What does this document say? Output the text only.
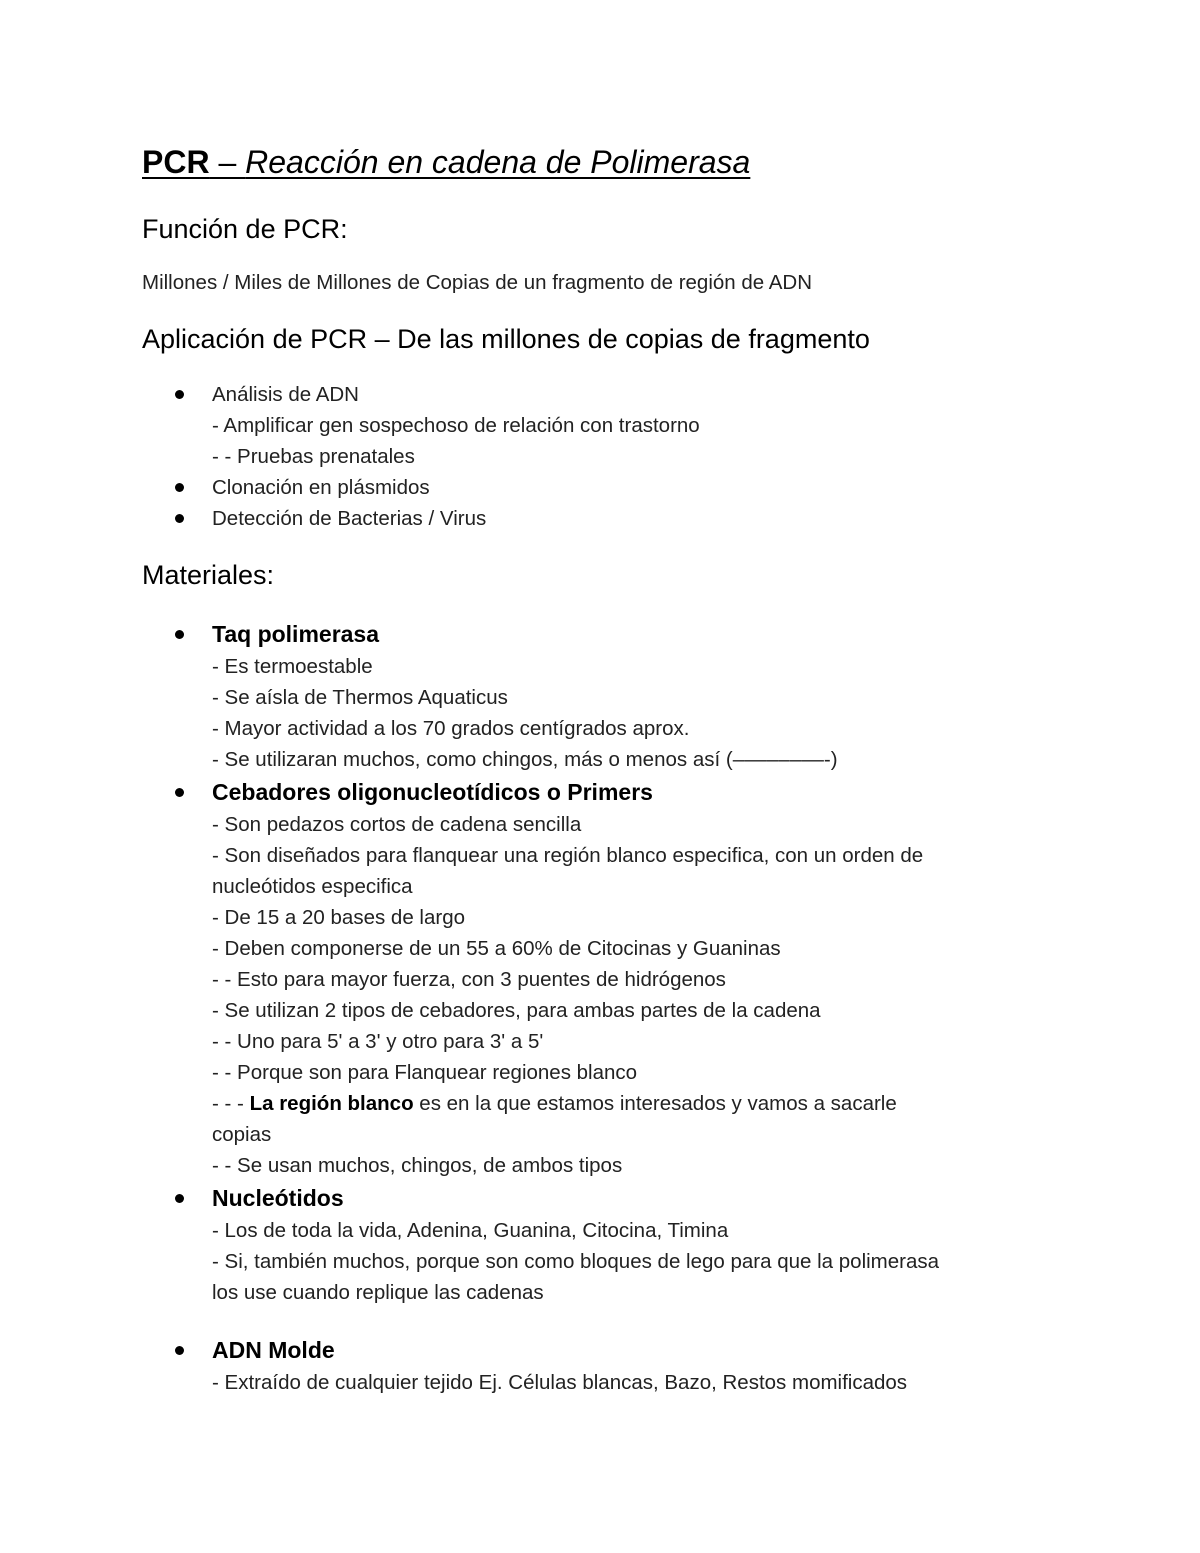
PCR – Reacción en cadena de Polimerasa
Función de PCR:
Millones / Miles de Millones de Copias de un fragmento de región de ADN
Aplicación de PCR – De las millones de copias de fragmento
Análisis de ADN
- Amplificar gen sospechoso de relación con trastorno
- - Pruebas prenatales
Clonación en plásmidos
Detección de Bacterias / Virus
Materiales:
Taq polimerasa
- Es termoestable
- Se aísla de Thermos Aquaticus
- Mayor actividad a los 70 grados centígrados aprox.
- Se utilizaran muchos, como chingos, más o menos así (––––––––-)
Cebadores oligonucleotídicos o Primers
- Son pedazos cortos de cadena sencilla
- Son diseñados para flanquear una región blanco especifica, con un orden de
nucleótidos especifica
- De 15 a 20 bases de largo
- Deben componerse de un 55 a 60% de Citocinas y Guaninas
- - Esto para mayor fuerza, con 3 puentes de hidrógenos
- Se utilizan 2 tipos de cebadores, para ambas partes de la cadena
- - Uno para 5' a 3' y otro para 3' a 5'
- - Porque son para Flanquear regiones blanco
- - - La región blanco es en la que estamos interesados y vamos a sacarle
copias
- - Se usan muchos, chingos, de ambos tipos
Nucleótidos
- Los de toda la vida, Adenina, Guanina, Citocina, Timina
- Si, también muchos, porque son como bloques de lego para que la polimerasa
los use cuando replique las cadenas
ADN Molde
- Extraído de cualquier tejido Ej. Células blancas, Bazo, Restos momificados
